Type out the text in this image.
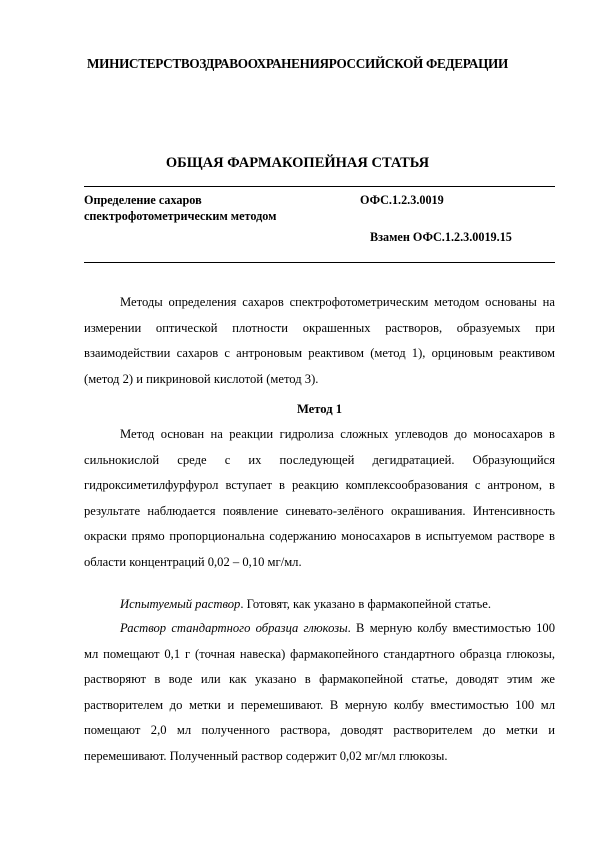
МИНИСТЕРСТВОЗДРАВООХРАНЕНИЯРОССИЙСКОЙ ФЕДЕРАЦИИ
ОБЩАЯ ФАРМАКОПЕЙНАЯ СТАТЬЯ
Определение сахаров
спектрофотометрическим методом
ОФС.1.2.3.0019
Взамен ОФС.1.2.3.0019.15

Методы определения сахаров спектрофотометрическим методом основаны на измерении оптической плотности окрашенных растворов, образуемых при взаимодействии сахаров с антроновым реактивом (метод 1), орциновым реактивом (метод 2) и пикриновой кислотой (метод 3).

Метод 1

Метод основан на реакции гидролиза сложных углеводов до моносахаров в сильнокислой среде с их последующей дегидратацией. Образующийся гидроксиметилфурфурол вступает в реакцию комплексообразования с антроном, в результате наблюдается появление синевато-зелёного окрашивания. Интенсивность окраски прямо пропорциональна содержанию моносахаров в испытуемом растворе в области концентраций 0,02 – 0,10 мг/мл.

Испытуемый раствор. Готовят, как указано в фармакопейной статье.

Раствор стандартного образца глюкозы. В мерную колбу вместимостью 100 мл помещают 0,1 г (точная навеска) фармакопейного стандартного образца глюкозы, растворяют в воде или как указано в фармакопейной статье, доводят этим же растворителем до метки и перемешивают. В мерную колбу вместимостью 100 мл помещают 2,0 мл полученного раствора, доводят растворителем до метки и перемешивают. Полученный раствор содержит 0,02 мг/мл глюкозы.
